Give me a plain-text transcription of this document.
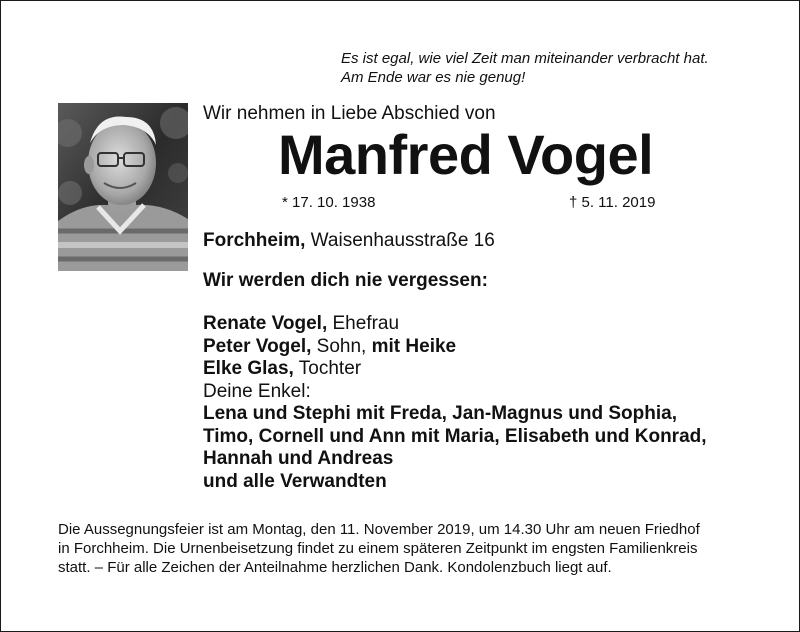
Es ist egal, wie viel Zeit man miteinander verbracht hat.
Am Ende war es nie genug!
Wir nehmen in Liebe Abschied von
Manfred Vogel
* 17. 10. 1938	† 5. 11. 2019
Forchheim, Waisenhausstraße 16
Wir werden dich nie vergessen:
Renate Vogel, Ehefrau
Peter Vogel, Sohn, mit Heike
Elke Glas, Tochter
Deine Enkel:
Lena und Stephi mit Freda, Jan-Magnus und Sophia,
Timo, Cornell und Ann mit Maria, Elisabeth und Konrad,
Hannah und Andreas
und alle Verwandten
Die Aussegnungsfeier ist am Montag, den 11. November 2019, um 14.30 Uhr am neuen Friedhof
in Forchheim. Die Urnenbeisetzung findet zu einem späteren Zeitpunkt im engsten Familienkreis
statt. – Für alle Zeichen der Anteilnahme herzlichen Dank. Kondolenzbuch liegt auf.
